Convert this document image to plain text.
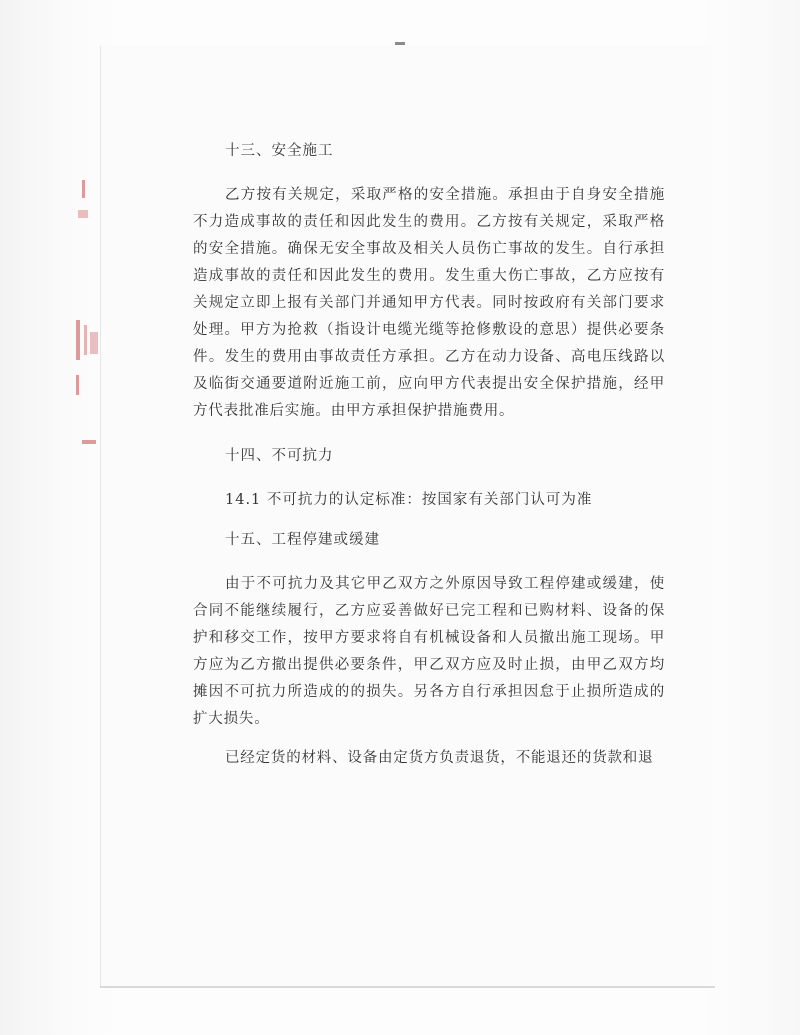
十三、安全施工

乙方按有关规定，采取严格的安全措施。承担由于自身安全措施不力造成事故的责任和因此发生的费用。乙方按有关规定，采取严格的安全措施。确保无安全事故及相关人员伤亡事故的发生。自行承担造成事故的责任和因此发生的费用。发生重大伤亡事故，乙方应按有关规定立即上报有关部门并通知甲方代表。同时按政府有关部门要求处理。甲方为抢救（指设计电缆光缆等抢修敷设的意思）提供必要条件。发生的费用由事故责任方承担。乙方在动力设备、高电压线路以及临街交通要道附近施工前，应向甲方代表提出安全保护措施，经甲方代表批准后实施。由甲方承担保护措施费用。

十四、不可抗力

14.1 不可抗力的认定标准：按国家有关部门认可为准

十五、工程停建或缓建

由于不可抗力及其它甲乙双方之外原因导致工程停建或缓建，使合同不能继续履行，乙方应妥善做好已完工程和已购材料、设备的保护和移交工作，按甲方要求将自有机械设备和人员撤出施工现场。甲方应为乙方撤出提供必要条件，甲乙双方应及时止损，由甲乙双方均摊因不可抗力所造成的的损失。另各方自行承担因怠于止损所造成的扩大损失。

已经定货的材料、设备由定货方负责退货，不能退还的货款和退
